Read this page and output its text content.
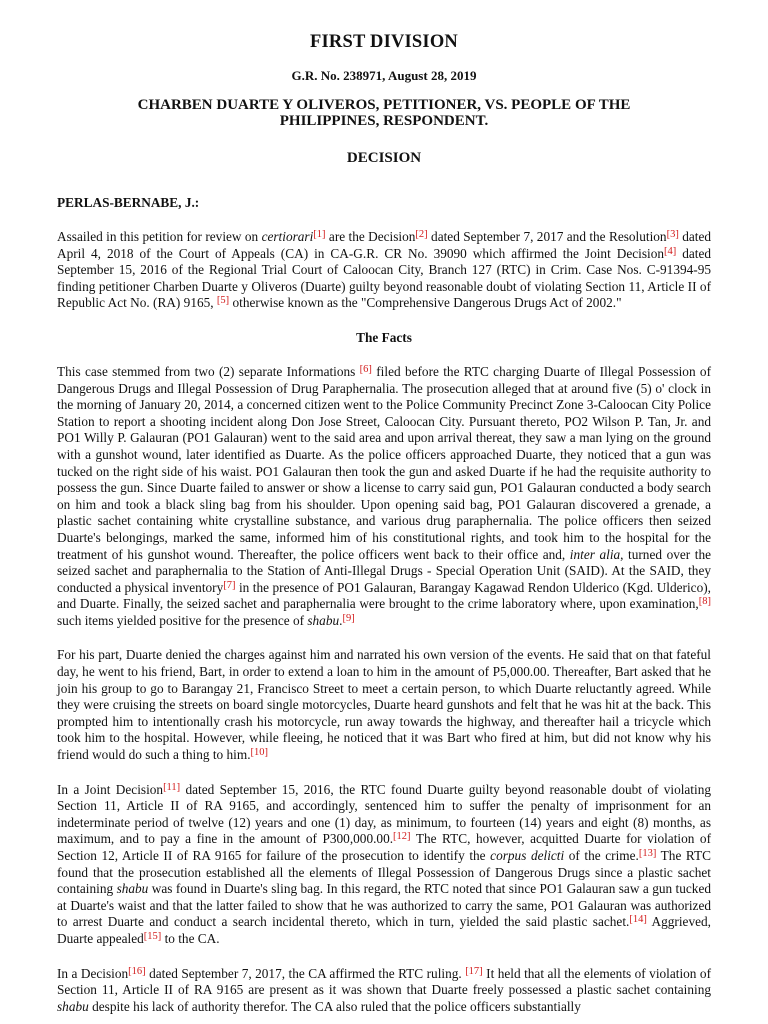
FIRST DIVISION
G.R. No. 238971, August 28, 2019
CHARBEN DUARTE Y OLIVEROS, PETITIONER, VS. PEOPLE OF THE
PHILIPPINES, RESPONDENT.
DECISION
PERLAS-BERNABE, J.:

Assailed in this petition for review on certiorari[1] are the Decision[2] dated September 7, 2017 and the Resolution[3] dated April 4, 2018 of the Court of Appeals (CA) in CA-G.R. CR No. 39090 which affirmed the Joint Decision[4] dated September 15, 2016 of the Regional Trial Court of Caloocan City, Branch 127 (RTC) in Crim. Case Nos. C-91394-95 finding petitioner Charben Duarte y Oliveros (Duarte) guilty beyond reasonable doubt of violating Section 11, Article II of Republic Act No. (RA) 9165, [5] otherwise known as the "Comprehensive Dangerous Drugs Act of 2002."

The Facts

This case stemmed from two (2) separate Informations [6] filed before the RTC charging Duarte of Illegal Possession of Dangerous Drugs and Illegal Possession of Drug Paraphernalia. The prosecution alleged that at around five (5) o' clock in the morning of January 20, 2014, a concerned citizen went to the Police Community Precinct Zone 3-Caloocan City Police Station to report a shooting incident along Don Jose Street, Caloocan City. Pursuant thereto, PO2 Wilson P. Tan, Jr. and PO1 Willy P. Galauran (PO1 Galauran) went to the said area and upon arrival thereat, they saw a man lying on the ground with a gunshot wound, later identified as Duarte. As the police officers approached Duarte, they noticed that a gun was tucked on the right side of his waist. PO1 Galauran then took the gun and asked Duarte if he had the requisite authority to possess the gun. Since Duarte failed to answer or show a license to carry said gun, PO1 Galauran conducted a body search on him and took a black sling bag from his shoulder. Upon opening said bag, PO1 Galauran discovered a grenade, a plastic sachet containing white crystalline substance, and various drug paraphernalia. The police officers then seized Duarte's belongings, marked the same, informed him of his constitutional rights, and took him to the hospital for the treatment of his gunshot wound. Thereafter, the police officers went back to their office and, inter alia, turned over the seized sachet and paraphernalia to the Station of Anti-Illegal Drugs - Special Operation Unit (SAID). At the SAID, they conducted a physical inventory[7] in the presence of PO1 Galauran, Barangay Kagawad Rendon Ulderico (Kgd. Ulderico), and Duarte. Finally, the seized sachet and paraphernalia were brought to the crime laboratory where, upon examination,[8] such items yielded positive for the presence of shabu.[9]

For his part, Duarte denied the charges against him and narrated his own version of the events. He said that on that fateful day, he went to his friend, Bart, in order to extend a loan to him in the amount of P5,000.00. Thereafter, Bart asked that he join his group to go to Barangay 21, Francisco Street to meet a certain person, to which Duarte reluctantly agreed. While they were cruising the streets on board single motorcycles, Duarte heard gunshots and felt that he was hit at the back. This prompted him to intentionally crash his motorcycle, run away towards the highway, and thereafter hail a tricycle which took him to the hospital. However, while fleeing, he noticed that it was Bart who fired at him, but did not know why his friend would do such a thing to him.[10]

In a Joint Decision[11] dated September 15, 2016, the RTC found Duarte guilty beyond reasonable doubt of violating Section 11, Article II of RA 9165, and accordingly, sentenced him to suffer the penalty of imprisonment for an indeterminate period of twelve (12) years and one (1) day, as minimum, to fourteen (14) years and eight (8) months, as maximum, and to pay a fine in the amount of P300,000.00.[12] The RTC, however, acquitted Duarte for violation of Section 12, Article II of RA 9165 for failure of the prosecution to identify the corpus delicti of the crime.[13] The RTC found that the prosecution established all the elements of Illegal Possession of Dangerous Drugs since a plastic sachet containing shabu was found in Duarte's sling bag. In this regard, the RTC noted that since PO1 Galauran saw a gun tucked at Duarte's waist and that the latter failed to show that he was authorized to carry the same, PO1 Galauran was authorized to arrest Duarte and conduct a search incidental thereto, which in turn, yielded the said plastic sachet.[14] Aggrieved, Duarte appealed[15] to the CA.

In a Decision[16] dated September 7, 2017, the CA affirmed the RTC ruling. [17] It held that all the elements of violation of Section 11, Article II of RA 9165 are present as it was shown that Duarte freely possessed a plastic sachet containing shabu despite his lack of authority therefor. The CA also ruled that the police officers substantially
